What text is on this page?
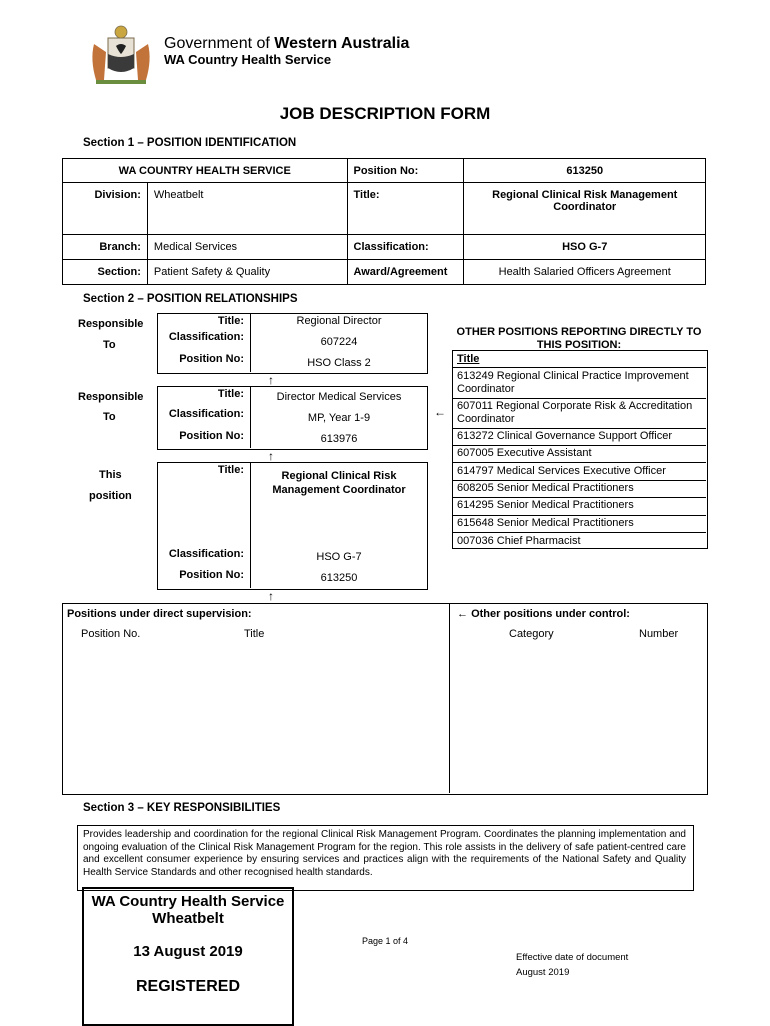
Government of Western Australia
WA Country Health Service
JOB DESCRIPTION FORM
Section 1 – POSITION IDENTIFICATION
WA COUNTRY HEALTH SERVICE		Position No:	613250
Division:	Wheatbelt	Title:	Regional Clinical Risk Management Coordinator
Branch:	Medical Services	Classification:	HSO G-7
Section:	Patient Safety & Quality	Award/Agreement	Health Salaried Officers Agreement
Section 2 – POSITION RELATIONSHIPS
Responsible
To
Responsible
To
This
position
Title:	Regional Director
Classification:	607224
Position No:	HSO Class 2
↑
Title:	Director Medical Services
Classification:	MP, Year 1-9
Position No:	613976
←
↑
Title:	Regional Clinical Risk Management Coordinator
Classification:	HSO G-7
Position No:	613250
↑
OTHER POSITIONS REPORTING DIRECTLY TO THIS POSITION:
Title
613249 Regional Clinical Practice Improvement Coordinator
607011 Regional Corporate Risk & Accreditation Coordinator
613272 Clinical Governance Support Officer
607005 Executive Assistant
614797 Medical Services Executive Officer
608205 Senior Medical Practitioners
614295 Senior Medical Practitioners
615648 Senior Medical Practitioners
007036 Chief Pharmacist
Positions under direct supervision:
Position No.	Title
← Other positions under control:
Category	Number
Section 3 – KEY RESPONSIBILITIES
Provides leadership and coordination for the regional Clinical Risk Management Program. Coordinates the planning implementation and ongoing evaluation of the Clinical Risk Management Program for the region. This role assists in the delivery of safe patient-centred care and excellent consumer experience by ensuring services and practices align with the requirements of the National Safety and Quality Health Service Standards and other recognised health standards.
WA Country Health Service
Wheatbelt
13 August 2019
REGISTERED
Page 1 of 4
Effective date of document
August 2019
